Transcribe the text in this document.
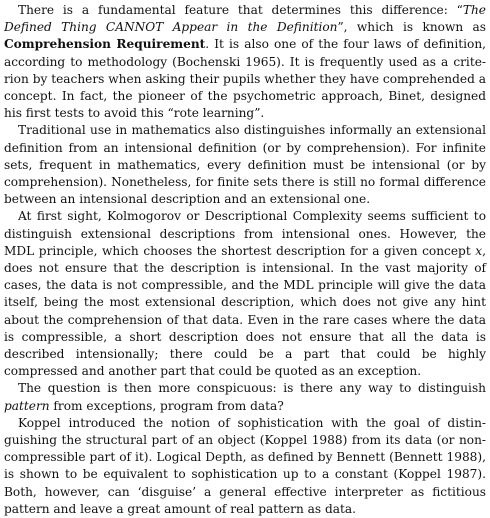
There is a fundamental feature that determines this difference: “The Defined Thing CANNOT Appear in the Definition”, which is known as Comprehension Requirement. It is also one of the four laws of definition, according to methodology (Bochenski 1965). It is frequently used as a criterion by teachers when asking their pupils whether they have comprehended a concept. In fact, the pioneer of the psychometric approach, Binet, designed his first tests to avoid this “rote learning”.

Traditional use in mathematics also distinguishes informally an extensional definition from an intensional definition (or by comprehension). For infinite sets, frequent in mathematics, every definition must be intensional (or by comprehension). Nonetheless, for finite sets there is still no formal difference between an intensional description and an extensional one.

At first sight, Kolmogorov or Descriptional Complexity seems sufficient to distinguish extensional descriptions from intensional ones. However, the MDL principle, which chooses the shortest description for a given concept x, does not ensure that the description is intensional. In the vast majority of cases, the data is not compressible, and the MDL principle will give the data itself, being the most extensional description, which does not give any hint about the comprehension of that data. Even in the rare cases where the data is compressible, a short description does not ensure that all the data is described intensionally; there could be a part that could be highly compressed and another part that could be quoted as an exception.

The question is then more conspicuous: is there any way to distinguish pattern from exceptions, program from data?

Koppel introduced the notion of sophistication with the goal of distinguishing the structural part of an object (Koppel 1988) from its data (or non-compressible part of it). Logical Depth, as defined by Bennett (Bennett 1988), is shown to be equivalent to sophistication up to a constant (Koppel 1987). Both, however, can ‘disguise’ a general effective interpreter as fictitious pattern and leave a great amount of real pattern as data.
